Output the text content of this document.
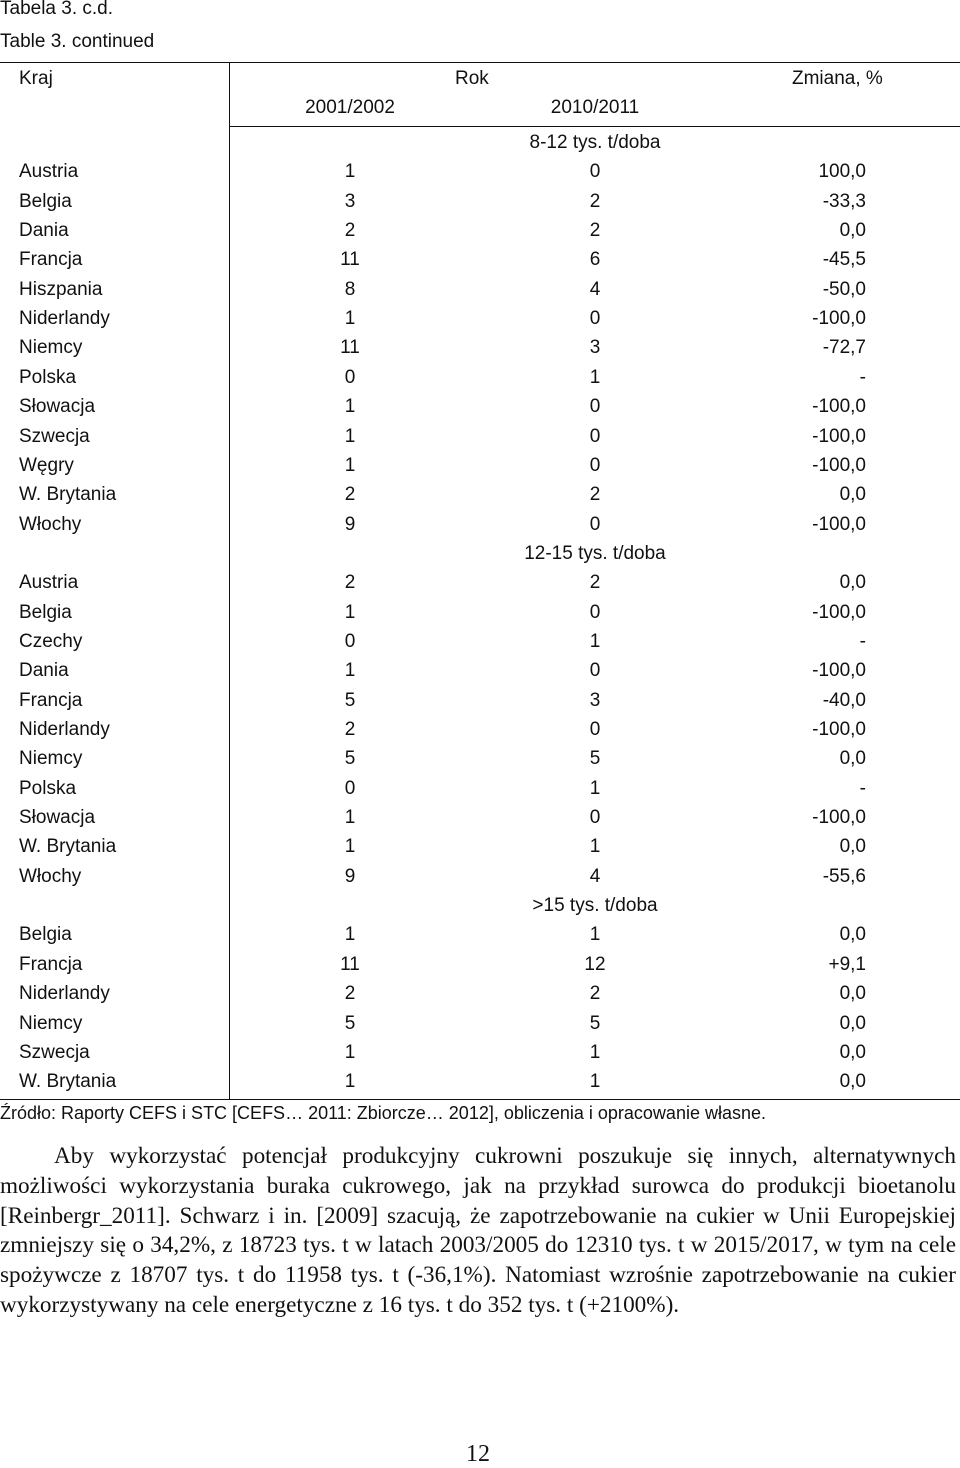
Tabela 3. c.d.
Table 3. continued
Kraj	Rok	Zmiana, %
2001/2002	2010/2011
8-12 tys. t/doba
Austria	1	0	100,0
Belgia	3	2	-33,3
Dania	2	2	0,0
Francja	11	6	-45,5
Hiszpania	8	4	-50,0
Niderlandy	1	0	-100,0
Niemcy	11	3	-72,7
Polska	0	1	-
Słowacja	1	0	-100,0
Szwecja	1	0	-100,0
Węgry	1	0	-100,0
W. Brytania	2	2	0,0
Włochy	9	0	-100,0
12-15 tys. t/doba
Austria	2	2	0,0
Belgia	1	0	-100,0
Czechy	0	1	-
Dania	1	0	-100,0
Francja	5	3	-40,0
Niderlandy	2	0	-100,0
Niemcy	5	5	0,0
Polska	0	1	-
Słowacja	1	0	-100,0
W. Brytania	1	1	0,0
Włochy	9	4	-55,6
>15 tys. t/doba
Belgia	1	1	0,0
Francja	11	12	+9,1
Niderlandy	2	2	0,0
Niemcy	5	5	0,0
Szwecja	1	1	0,0
W. Brytania	1	1	0,0
Źródło: Raporty CEFS i STC [CEFS… 2011: Zbiorcze… 2012], obliczenia i opracowanie własne.

Aby wykorzystać potencjał produkcyjny cukrowni poszukuje się innych, alternatywnych możliwości wykorzystania buraka cukrowego, jak na przykład surowca do produkcji bioetanolu [Reinbergr_2011]. Schwarz i in. [2009] szacują, że zapotrzebowanie na cukier w Unii Europejskiej zmniejszy się o 34,2%, z 18723 tys. t w latach 2003/2005 do 12310 tys. t w 2015/2017, w tym na cele spożywcze z 18707 tys. t do 11958 tys. t (-36,1%). Natomiast wzrośnie zapotrzebowanie na cukier wykorzystywany na cele energetyczne z 16 tys. t do 352 tys. t (+2100%).

12
